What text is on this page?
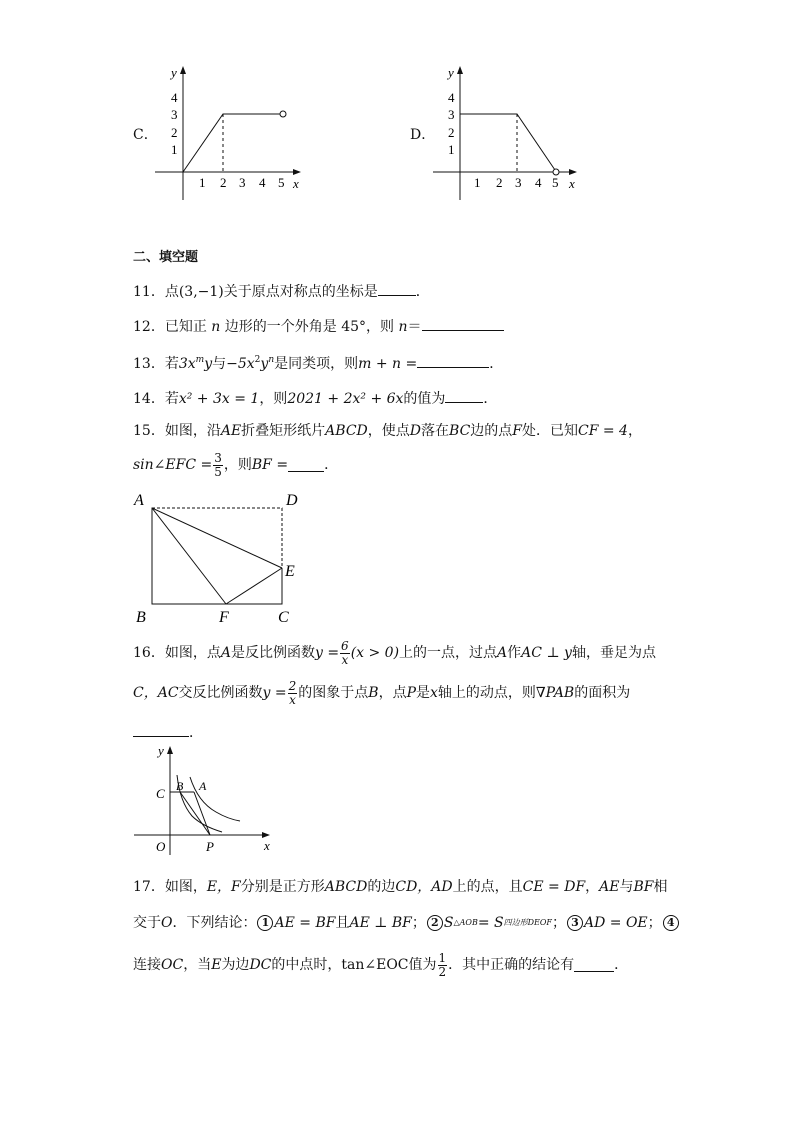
C．
y
x
4
3
2
1
1 2 3 4 5
D．
y
x
4
3
2
1
1 2 3 4 5
二、填空题
11．点(3,−1)关于原点对称点的坐标是	．
12．已知正 n 边形的一个外角是 45°，则 n＝
13．若$3x^my$与$-5x^2y^n$是同类项，则m + n =	．
14．若x² + 3x = 1，则2021 + 2x² + 6x的值为	．
15．如图，沿AE折叠矩形纸片ABCD，使点D落在BC边的点F处．已知CF = 4，
sin∠EFC = $\frac{3}{5}$ ，则 BF =	．
A	D
E
B	F	C
16．如图，点 A 是反比例函数 $y = \frac{6}{x} (x > 0)$ 上的一点，过点 A 作 AC ⊥ y 轴，垂足为点
C， AC 交反比例函数 $y = \frac{2}{x}$ 的图象于点 B ，点 P 是 x 轴上的动点，则 ∇PAB 的面积为
．
y
x
C B A
O	P
17．如图，E，F分别是正方形ABCD的边CD，AD上的点，且CE = DF，AE与BF相
交于 O ．下列结论： 1 AE = BF 且 AE ⊥ BF ； 2 S △AOB = S 四边形DEOF ； 3 AD = OE ； 4
连接 OC ，当 E 为边 DC 的中点时， tan∠EOC 值为 $\frac{1}{2}$ ．其中正确的结论有	．
